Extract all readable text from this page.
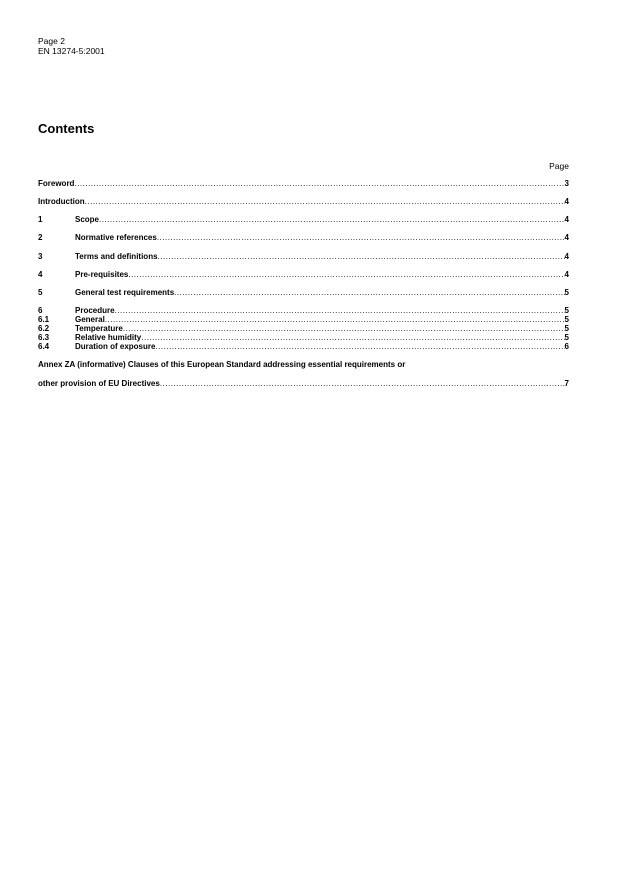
Page 2
EN 13274-5:2001
Contents
Page
Foreword .....	3
Introduction .....	4
1	Scope .....	4
2	Normative references .....	4
3	Terms and definitions .....	4
4	Pre-requisites .....	4
5	General test requirements .....	5
6	Procedure .....	5
6.1	General .....	5
6.2	Temperature .....	5
6.3	Relative humidity .....	5
6.4	Duration of exposure .....	6
Annex ZA (informative) Clauses of this European Standard addressing essential requirements or
other provision of EU Directives .....	7
